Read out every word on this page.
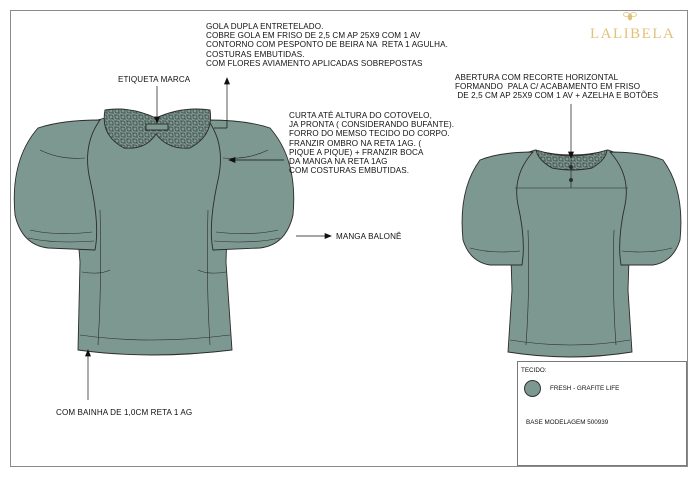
LALIBELA
GOLA DUPLA ENTRETELADO.
COBRE GOLA EM FRISO DE 2,5 CM AP 25X9 COM 1 AV
CONTORNO COM PESPONTO DE BEIRA NA  RETA 1 AGULHA.
COSTURAS EMBUTIDAS.
COM FLORES AVIAMENTO APLICADAS SOBREPOSTAS
ETIQUETA MARCA
CURTA ATÉ ALTURA DO COTOVELO,
JA PRONTA ( CONSIDERANDO BUFANTE).
FORRO DO MEMSO TECIDO DO CORPO.
FRANZIR OMBRO NA RETA 1AG. (
PIQUE A PIQUE) + FRANZIR BOCA
DA MANGA NA RETA 1AG
COM COSTURAS EMBUTIDAS.
MANGA BALONÊ
ABERTURA COM RECORTE HORIZONTAL
FORMANDO  PALA C/ ACABAMENTO EM FRISO
DE 2,5 CM AP 25X9 COM 1 AV + AZELHA E BOTÕES
COM BAINHA DE 1,0CM RETA 1 AG
TECIDO:
FRESH - GRAFITE LIFE
BASE MODELAGEM 500939
